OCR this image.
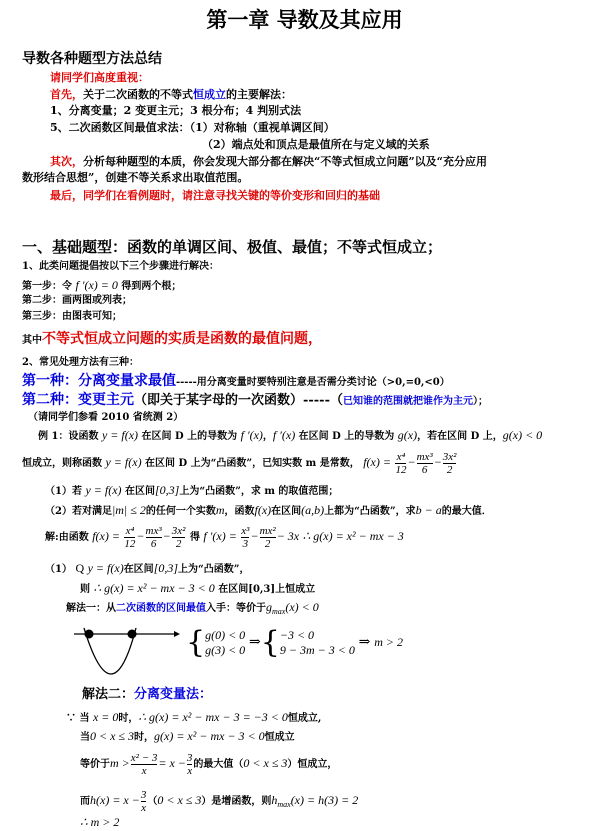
第一章 导数及其应用
导数各种题型方法总结
请同学们高度重视：
首先，关于二次函数的不等式恒成立的主要解法：
1、分离变量；2 变更主元；3 根分布；4 判别式法
5、二次函数区间最值求法：（1）对称轴（重视单调区间）
（2）端点处和顶点是最值所在与定义域的关系
其次，分析每种题型的本质，你会发现大部分都在解决“不等式恒成立问题”以及“充分应用
数形结合思想”，创建不等关系求出取值范围。
最后，同学们在看例题时，请注意寻找关键的等价变形和回归的基础
一、基础题型：函数的单调区间、极值、最值；不等式恒成立；
1、此类问题提倡按以下三个步骤进行解决：
第一步：令 f ′(x) = 0 得到两个根；
第二步：画两图或列表；
第三步：由图表可知；
其中不等式恒成立问题的实质是函数的最值问题，
2、常见处理方法有三种：
第一种：分离变量求最值-----用分离变量时要特别注意是否需分类讨论（>0,=0,<0）
第二种：变更主元（即关于某字母的一次函数）-----（已知谁的范围就把谁作为主元）；
（请同学们参看 2010 省统测 2）
例 1：设函数 y = f(x) 在区间 D 上的导数为 f ′(x)，f ′(x) 在区间 D 上的导数为 g(x)，若在区间 D 上，g(x) < 0
恒成立，则称函数 y = f(x) 在区间 D 上为“凸函数”，已知实数 m 是常数， $f(x) = \frac{\text{x⁴}}{12} - \frac{\text{mx³}}{6} - \frac{\text{3x²}}{2}$
（1）若 y = f(x) 在区间[0,3]上为“凸函数”，求 m 的取值范围；
（2）若对满足|m| ≤ 2的任何一个实数m，函数f(x)在区间(a,b)上都为“凸函数”，求b − a的最大值．
解:由函数 $f(x) = \frac{\text{x⁴}}{12} - \frac{\text{mx³}}{6} - \frac{\text{3x²}}{2}$ 得 f $'(x) = \frac{\text{x³}}{3} - \frac{\text{mx²}}{2} - 3x$ ∴ g(x) = x² − mx − 3
（1） Q y = f(x)在区间[0,3]上为“凸函数”，
则 ∴ g(x) = x² − mx − 3 < 0 在区间[0,3]上恒成立
解法一：从二次函数的区间最值入手：等价于$g_{max}(x) < 0$
{ g(0) < 0
g(3) < 0 ⇒{ −3 < 0
9 − 3m − 3 < 0 ⇒ m > 2
解法二：分离变量法：
∵ 当 x = 0时，∴ g(x) = x² − mx − 3 = −3 < 0恒成立,
当0 < x ≤ 3时，g(x) = x² − mx − 3 < 0恒成立
等价于$m > \frac{\text{x² − 3}}{x} = x - \frac{3}{x}$ 的最大值（0 < x ≤ 3）恒成立，
而$h(x) = x - \frac{3}{x} (0 < x \le 3)$是增函数，则$h_{max}(x) = h(3) = 2$
∴ m > 2
